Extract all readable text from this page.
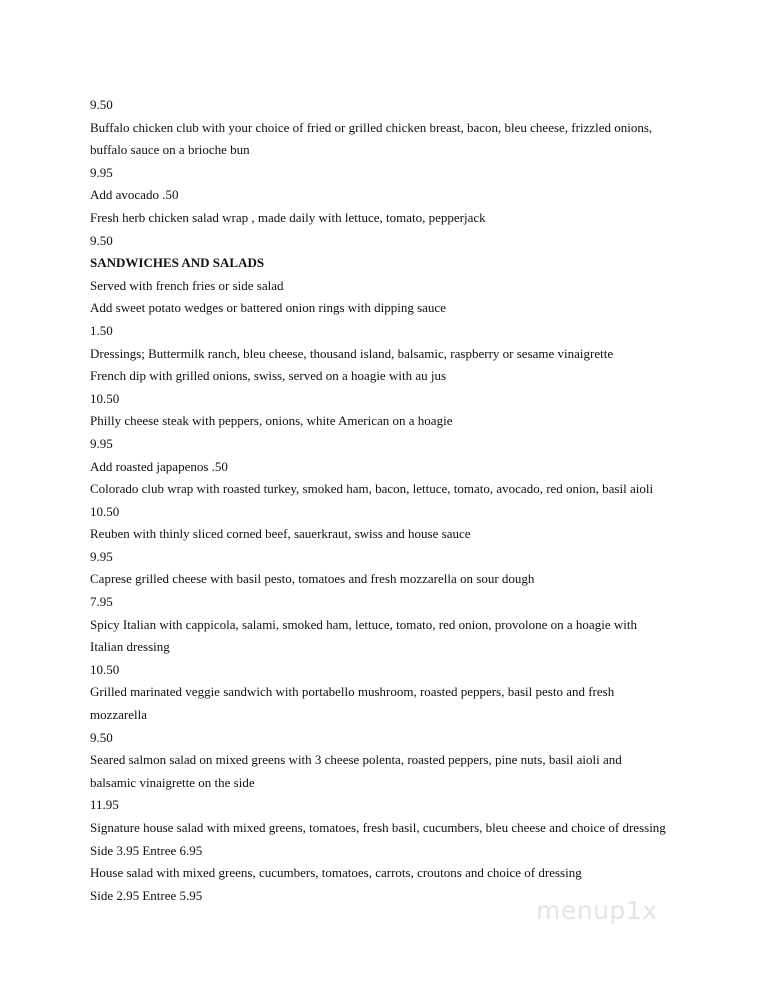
9.50
Buffalo chicken club with your choice of fried or grilled chicken breast, bacon, bleu cheese, frizzled onions,
buffalo sauce on a brioche bun
9.95
Add avocado .50
Fresh herb chicken salad wrap , made daily with lettuce, tomato, pepperjack
9.50
SANDWICHES AND SALADS
Served with french fries or side salad
Add sweet potato wedges or battered onion rings with dipping sauce
1.50
Dressings; Buttermilk ranch, bleu cheese, thousand island, balsamic, raspberry or sesame vinaigrette
French dip with grilled onions, swiss, served on a hoagie with au jus
10.50
Philly cheese steak with peppers, onions, white American on a hoagie
9.95
Add roasted japapenos .50
Colorado club wrap with roasted turkey, smoked ham, bacon, lettuce, tomato, avocado, red onion, basil aioli
10.50
Reuben with thinly sliced corned beef, sauerkraut, swiss and house sauce
9.95
Caprese grilled cheese with basil pesto, tomatoes and fresh mozzarella on sour dough
7.95
Spicy Italian with cappicola, salami, smoked ham, lettuce, tomato, red onion, provolone on a hoagie with
Italian dressing
10.50
Grilled marinated veggie sandwich with portabello mushroom, roasted peppers, basil pesto and fresh
mozzarella
9.50
Seared salmon salad on mixed greens with 3 cheese polenta, roasted peppers, pine nuts, basil aioli and
balsamic vinaigrette on the side
11.95
Signature house salad with mixed greens, tomatoes, fresh basil, cucumbers, bleu cheese and choice of dressing
Side 3.95 Entree 6.95
House salad with mixed greens, cucumbers, tomatoes, carrots, croutons and choice of dressing
Side 2.95 Entree 5.95
menup1x
